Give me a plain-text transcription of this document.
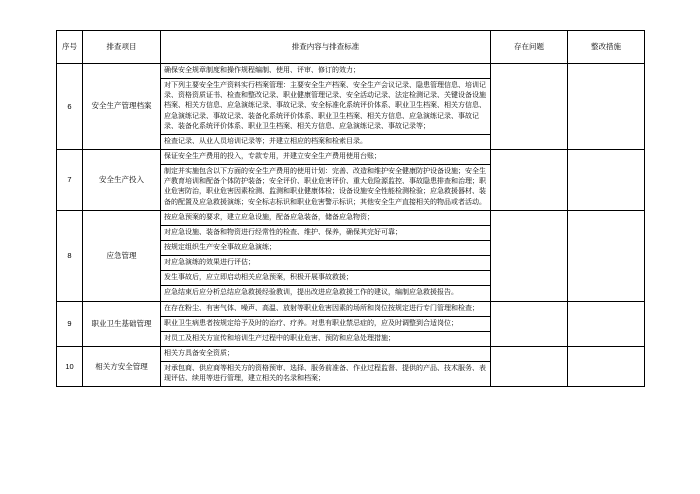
序号	排查项目	排查内容与排查标准	存在问题	整改措施
6	安全生产管理档案	确保安全规章制度和操作规程编制、使用、评审、修订的效力；		
		对下列主要安全生产资料实行档案管理：主要安全生产档案、安全生产会议记录、隐患管理信息、培训记录、资格资质证书、检查和整改记录、职业健康管理记录、安全活动记录、法定检测记录、关键设备设施档案、相关方信息、应急演练记录、事故记录、安全标准化系统评价体系、职业卫生档案、相关方信息、应急演练记录、事故记录、装备化系统评价体系、职业卫生档案、相关方信息、应急演练记录、事故记录、装备化系统评价体系、职业卫生档案、相关方信息、应急演练记录、事故记录等；		
		检查记录、从业人员培训记录等；并建立相应的档案和检索目录。		
7	安全生产投入	保证安全生产费用的投入，专款专用，并建立安全生产费用使用台账；		
		制定并实施包含以下方面的安全生产费用的使用计划：完善、改造和维护安全健康防护设备设施；安全生产教育培训和配备个体防护装备；安全评价、职业危害评价、重大危险源监控、事故隐患排查和治理；职业危害防治，职业危害因素检测、监测和职业健康体检；设备设施安全性能检测检验；应急救援器材、装备的配置及应急救援演练；安全标志标识和职业危害警示标识；其他安全生产直接相关的物品或者活动。		
8	应急管理	按应急预案的要求，建立应急设施，配备应急装备，储备应急物资；		
		对应急设施、装备和物资进行经常性的检查、维护、保养，确保其完好可靠；		
		按规定组织生产安全事故应急演练；		
		对应急演练的效果进行评估；		
		发生事故后，应立即启动相关应急预案，积极开展事故救援；		
		应急结束后应分析总结应急救援经验教训，提出改进应急救援工作的建议，编制应急救援报告。		
9	职业卫生基础管理	在存在粉尘、有害气体、噪声、高温、放射等职业危害因素的场所和岗位按规定进行专门管理和检查；		
		职业卫生病患者按规定给予及时的治疗、疗养。对患有职业禁忌症的，应及时调整到合适岗位；		
		对员工及相关方宣传和培训生产过程中的职业危害、预防和应急处理措施；		
10	相关方安全管理	相关方具备安全资质；		
		对承包商、供应商等相关方的资格预审、选择、服务前准备、作业过程监督、提供的产品、技术服务、表现评估、续用等进行管理，建立相关的名录和档案；		
